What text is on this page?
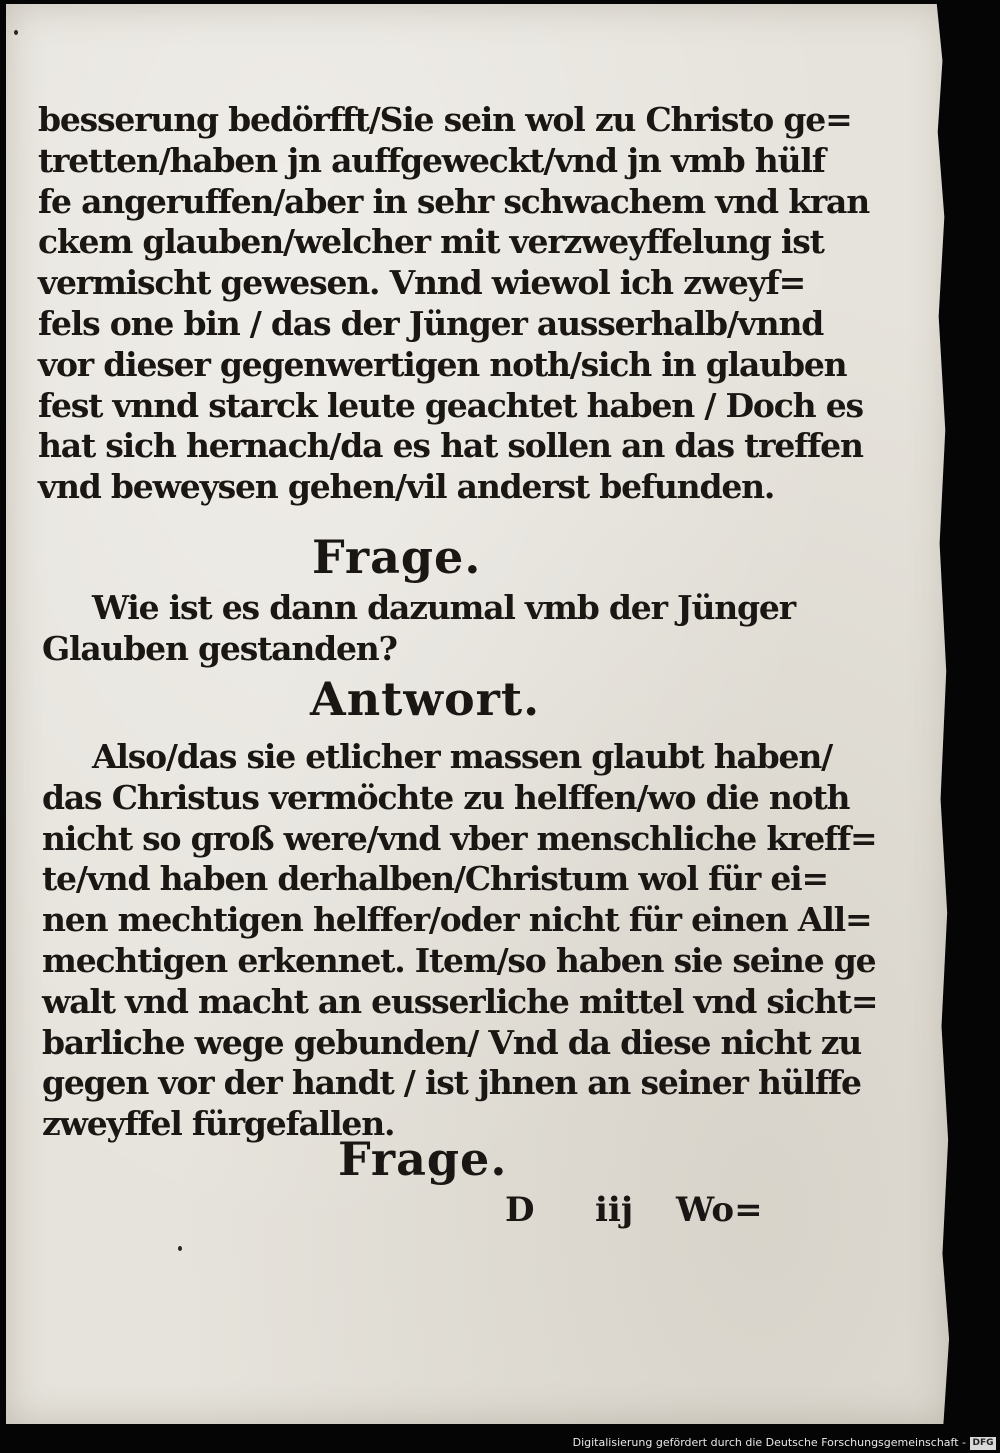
besserung bedörfft/Sie sein wol zu Christo ge=
tretten/haben jn auffgeweckt/vnd jn vmb hülf
fe angeruffen/aber in sehr schwachem vnd kran
ckem glauben/welcher mit verzweyffelung ist
vermischt gewesen. Vnnd wiewol ich zweyf=
fels one bin / das der Jünger ausserhalb/vnnd
vor dieser gegenwertigen noth/sich in glauben
fest vnnd starck leute geachtet haben / Doch es
hat sich hernach/da es hat sollen an das treffen
vnd beweysen gehen/vil anderst befunden.
Frage.
Wie ist es dann dazumal vmb der Jünger
Glauben gestanden?
Antwort.
Also/das sie etlicher massen glaubt haben/
das Christus vermöchte zu helffen/wo die noth
nicht so groß were/vnd vber menschliche kreff=
te/vnd haben derhalben/Christum wol für ei=
nen mechtigen helffer/oder nicht für einen All=
mechtigen erkennet. Item/so haben sie seine ge
walt vnd macht an eusserliche mittel vnd sicht=
barliche wege gebunden/ Vnd da diese nicht zu
gegen vor der handt / ist jhnen an seiner hülffe
zweyffel fürgefallen.
Frage.
D iij Wo=
Digitalisierung gefördert durch die Deutsche Forschungsgemeinschaft - DFG
